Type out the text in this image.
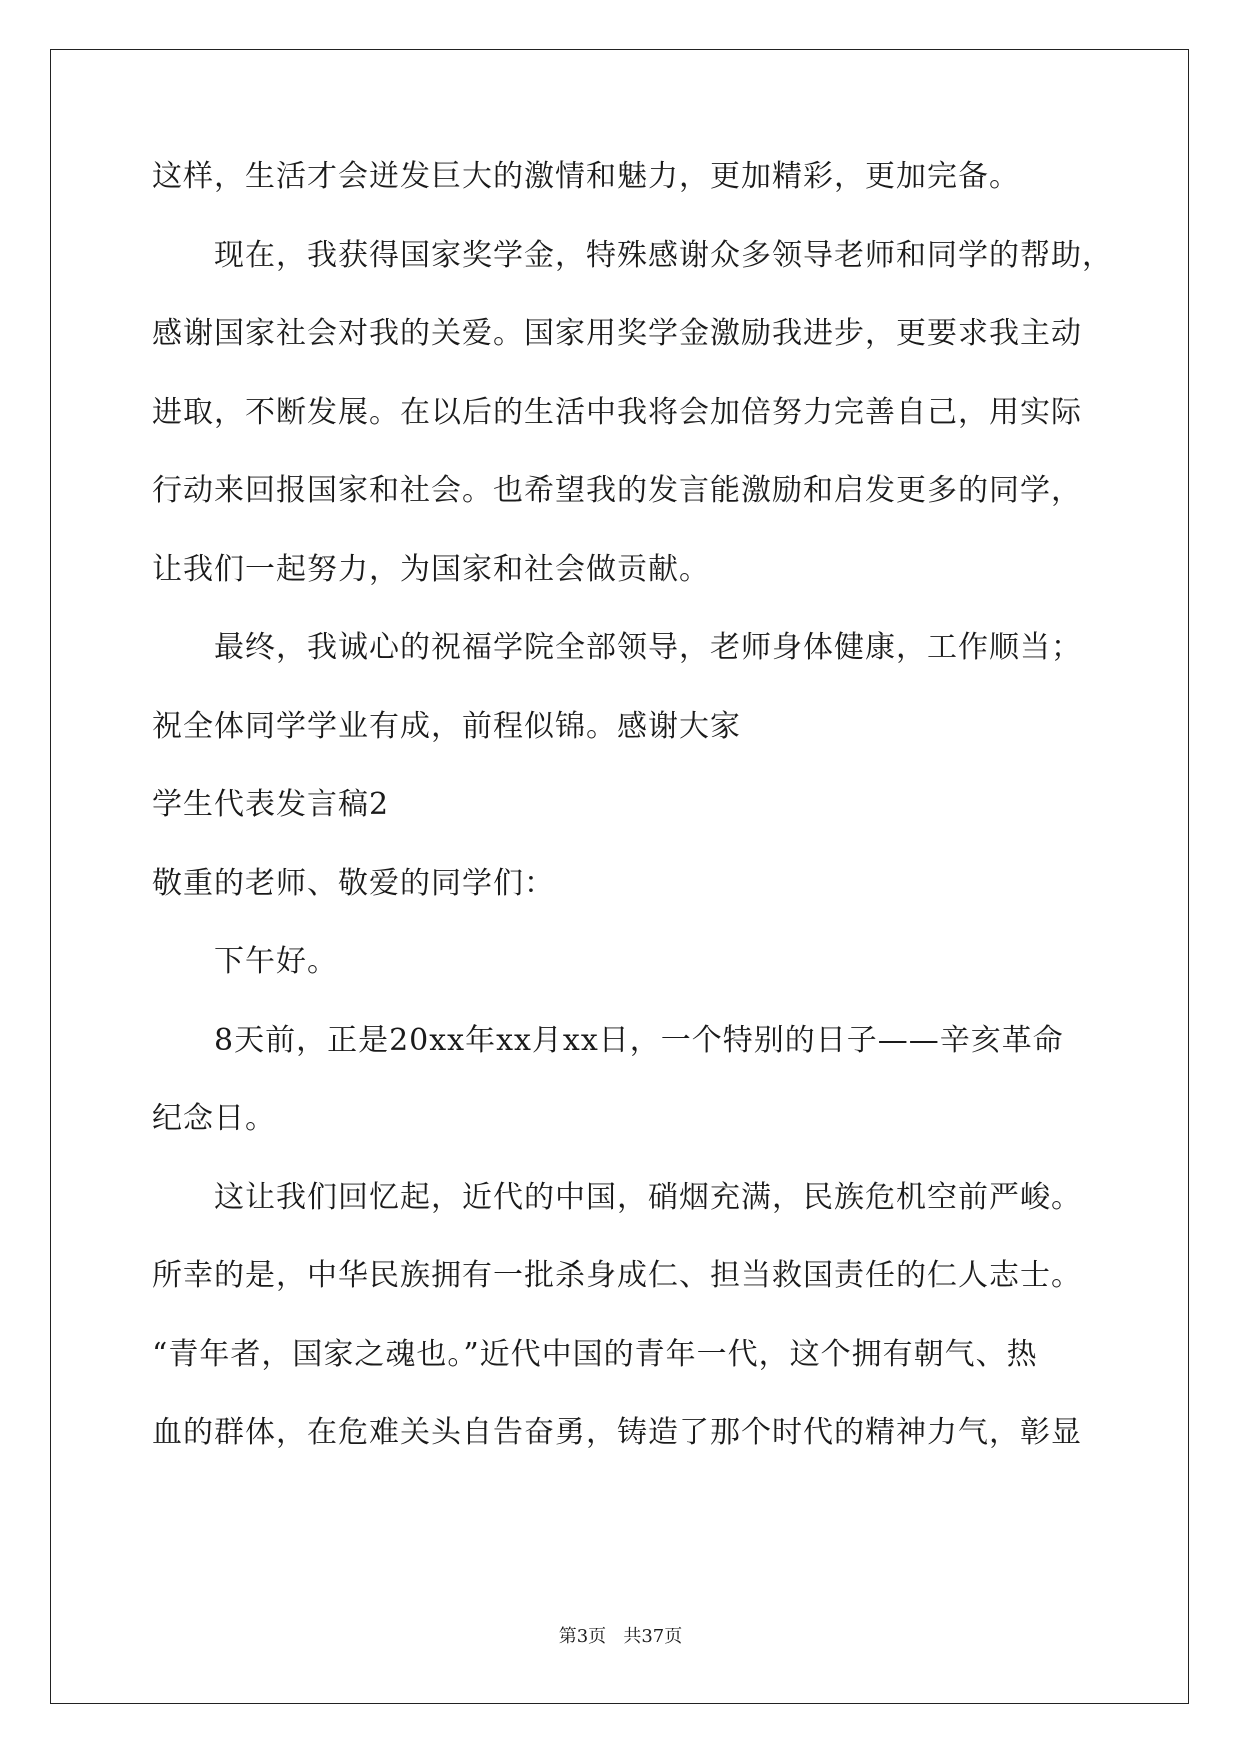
这样，生活才会迸发巨大的激情和魅力，更加精彩，更加完备。
现在，我获得国家奖学金，特殊感谢众多领导老师和同学的帮助，
感谢国家社会对我的关爱。国家用奖学金激励我进步，更要求我主动
进取，不断发展。在以后的生活中我将会加倍努力完善自己，用实际
行动来回报国家和社会。也希望我的发言能激励和启发更多的同学，
让我们一起努力，为国家和社会做贡献。
最终，我诚心的祝福学院全部领导，老师身体健康，工作顺当；
祝全体同学学业有成，前程似锦。感谢大家
学生代表发言稿2
敬重的老师、敬爱的同学们：
下午好。
8天前，正是20xx年xx月xx日，一个特别的日子——辛亥革命
纪念日。
这让我们回忆起，近代的中国，硝烟充满，民族危机空前严峻。
所幸的是，中华民族拥有一批杀身成仁、担当救国责任的仁人志士。
“青年者，国家之魂也。”近代中国的青年一代，这个拥有朝气、热
血的群体，在危难关头自告奋勇，铸造了那个时代的精神力气，彰显
第3页   共37页
